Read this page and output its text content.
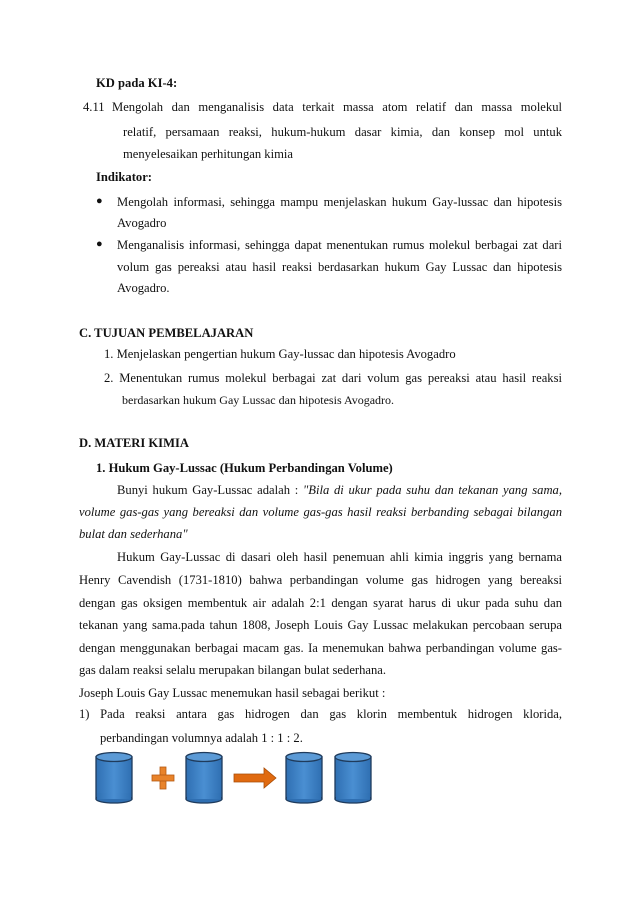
KD pada KI-4:
4.11 Mengolah dan menganalisis data terkait massa atom relatif dan massa molekul
relatif, persamaan reaksi, hukum-hukum dasar kimia, dan konsep mol untuk
menyelesaikan perhitungan kimia
Indikator:
● Mengolah informasi, sehingga mampu menjelaskan hukum Gay-lussac dan hipotesis
Avogadro
● Menganalisis informasi, sehingga dapat menentukan rumus molekul berbagai zat dari
volum gas pereaksi atau hasil reaksi berdasarkan hukum Gay Lussac dan hipotesis
Avogadro.
C. TUJUAN PEMBELAJARAN
1. Menjelaskan pengertian hukum Gay-lussac dan hipotesis Avogadro
2. Menentukan rumus molekul berbagai zat dari volum gas pereaksi atau hasil reaksi
berdasarkan hukum Gay Lussac dan hipotesis Avogadro.
D. MATERI KIMIA
1. Hukum Gay-Lussac (Hukum Perbandingan Volume)
Bunyi hukum Gay-Lussac adalah : "Bila di ukur pada suhu dan tekanan yang sama,
volume gas-gas yang bereaksi dan volume gas-gas hasil reaksi berbanding sebagai bilangan
bulat dan sederhana"
Hukum Gay-Lussac di dasari oleh hasil penemuan ahli kimia inggris yang bernama
Henry Cavendish (1731-1810) bahwa perbandingan volume gas hidrogen yang bereaksi
dengan gas oksigen membentuk air adalah 2:1 dengan syarat harus di ukur pada suhu dan
tekanan yang sama.pada tahun 1808, Joseph Louis Gay Lussac melakukan percobaan serupa
dengan menggunakan berbagai macam gas. Ia menemukan bahwa perbandingan volume gas-
gas dalam reaksi selalu merupakan bilangan bulat sederhana.
Joseph Louis Gay Lussac menemukan hasil sebagai berikut :
1) Pada reaksi antara gas hidrogen dan gas klorin membentuk hidrogen klorida,
perbandingan volumnya adalah 1 : 1 : 2.
